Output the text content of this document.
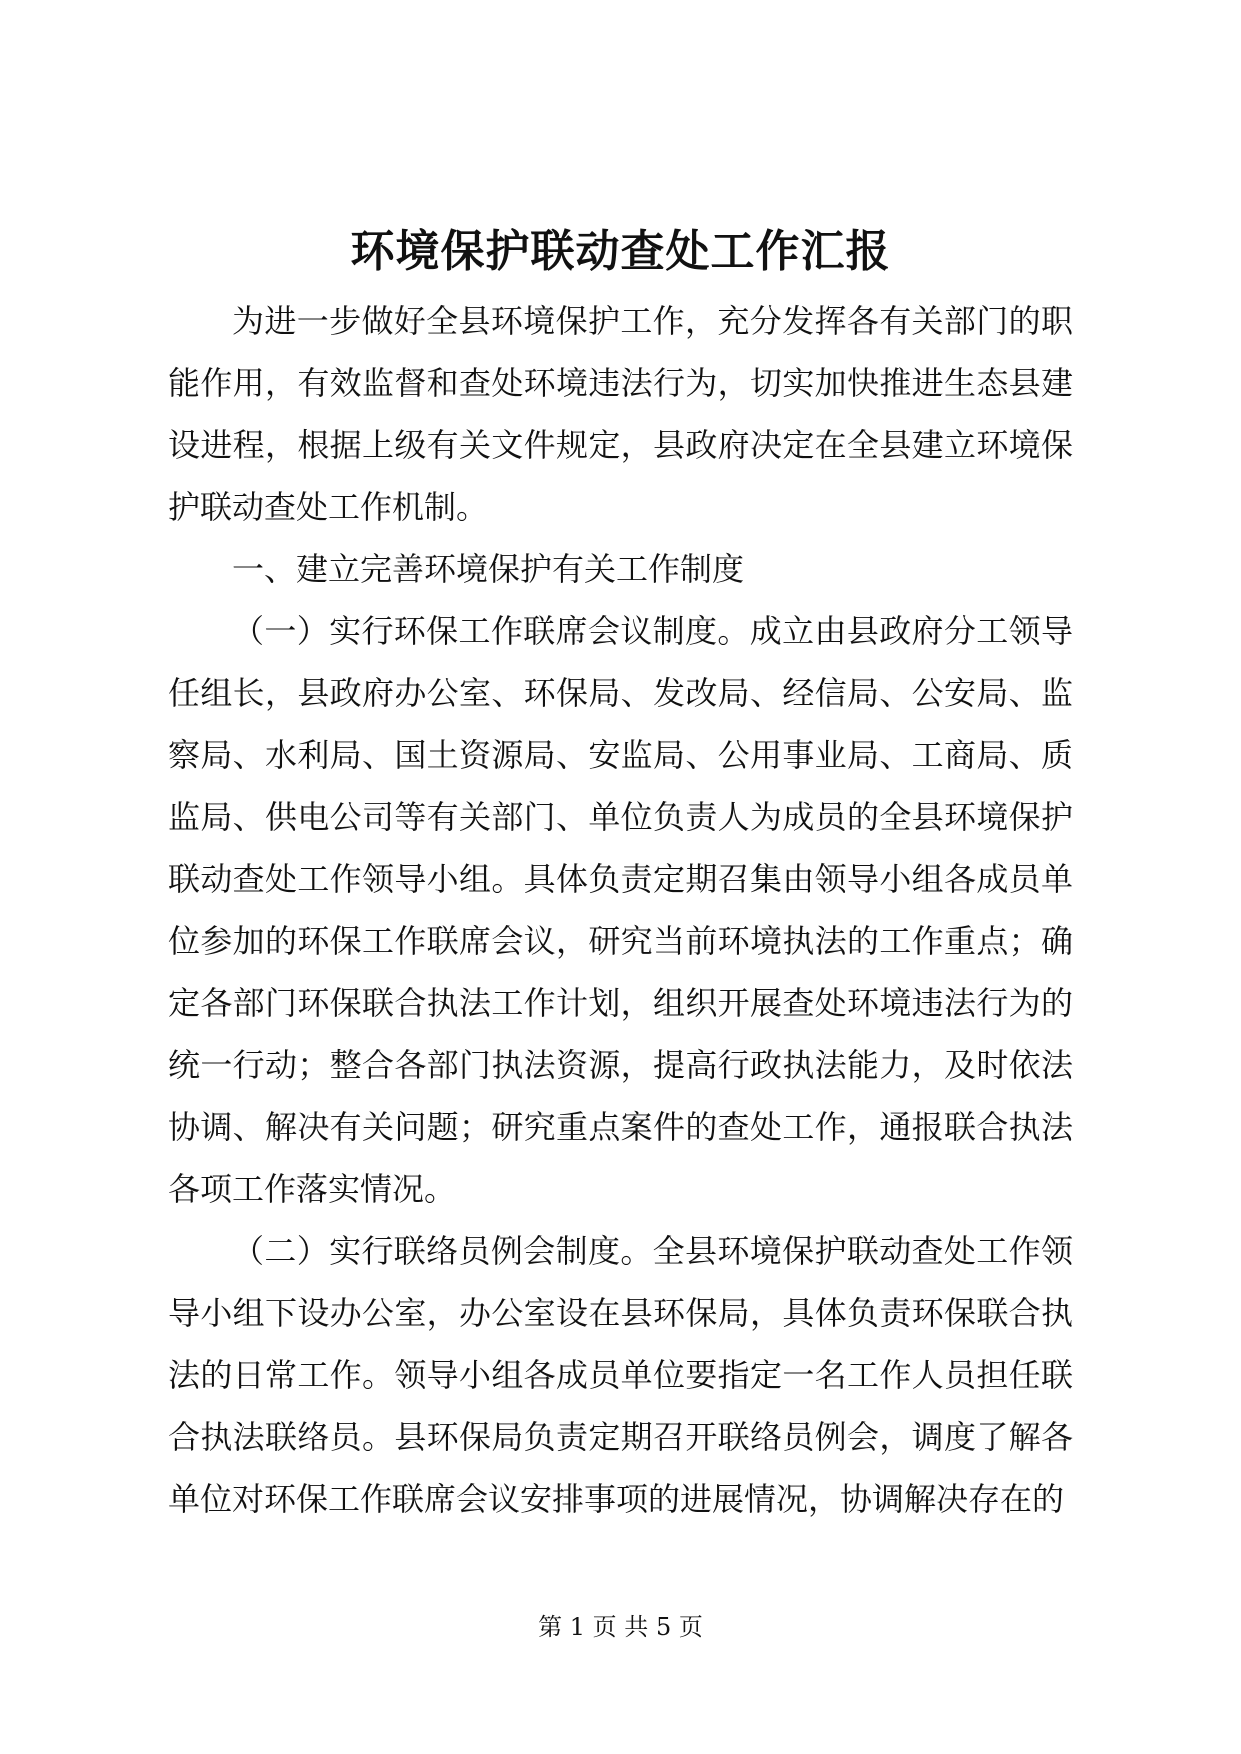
环境保护联动查处工作汇报

为进一步做好全县环境保护工作，充分发挥各有关部门的职能作用，有效监督和查处环境违法行为，切实加快推进生态县建设进程，根据上级有关文件规定，县政府决定在全县建立环境保护联动查处工作机制。

一、建立完善环境保护有关工作制度

（一）实行环保工作联席会议制度。成立由县政府分工领导任组长，县政府办公室、环保局、发改局、经信局、公安局、监察局、水利局、国土资源局、安监局、公用事业局、工商局、质监局、供电公司等有关部门、单位负责人为成员的全县环境保护联动查处工作领导小组。具体负责定期召集由领导小组各成员单位参加的环保工作联席会议，研究当前环境执法的工作重点；确定各部门环保联合执法工作计划，组织开展查处环境违法行为的统一行动；整合各部门执法资源，提高行政执法能力，及时依法协调、解决有关问题；研究重点案件的查处工作，通报联合执法各项工作落实情况。

（二）实行联络员例会制度。全县环境保护联动查处工作领导小组下设办公室，办公室设在县环保局，具体负责环保联合执法的日常工作。领导小组各成员单位要指定一名工作人员担任联合执法联络员。县环保局负责定期召开联络员例会，调度了解各单位对环保工作联席会议安排事项的进展情况，协调解决存在的

第 1 页 共 5 页
